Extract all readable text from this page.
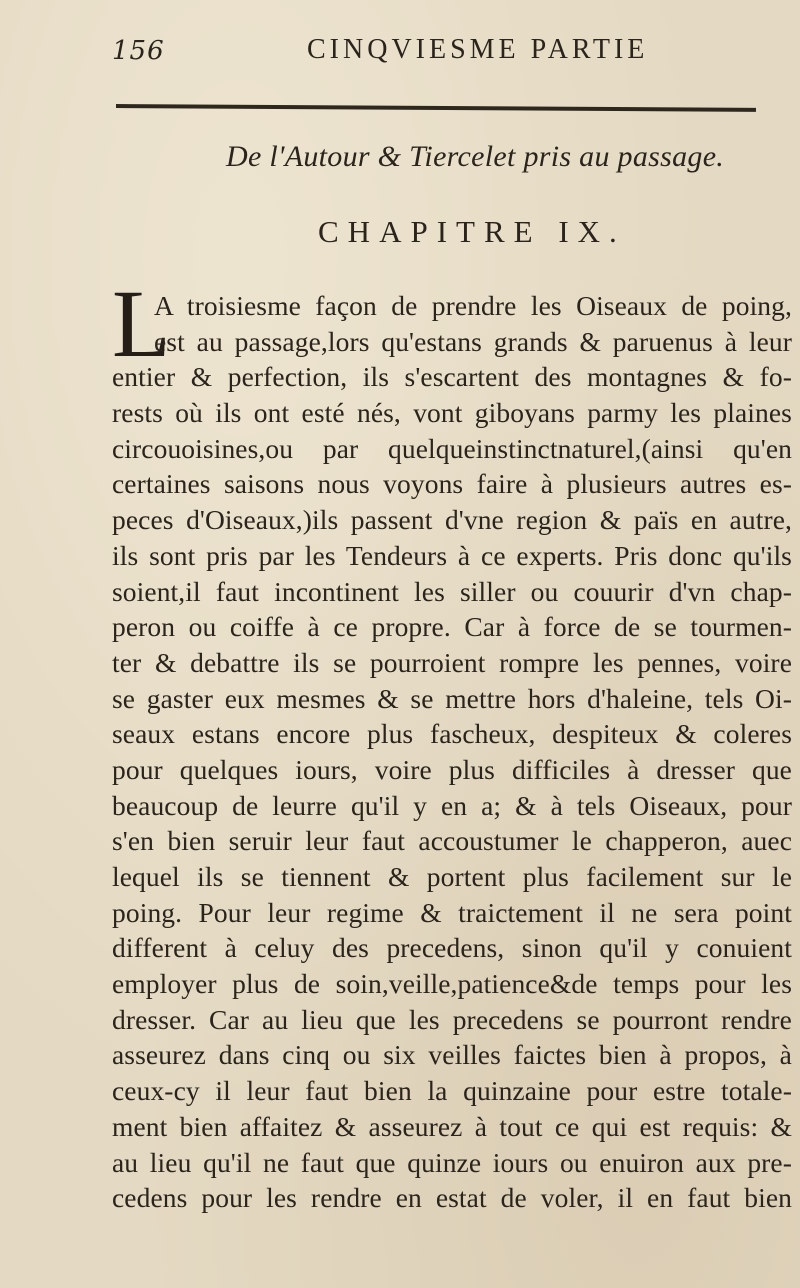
156	CINQVIESME PARTIE
De l'Autour & Tiercelet pris au passage.
CHAPITRE IX.
L
A troisiesme façon de prendre les Oiseaux de poing,
est au passage,lors qu'estans grands & paruenus à leur
entier & perfection, ils s'escartent des montagnes & fo-
rests où ils ont esté nés, vont giboyans parmy les plaines
circouoisines,ou par quelqueinstinctnaturel,(ainsi qu'en
certaines saisons nous voyons faire à plusieurs autres es-
peces d'Oiseaux,)ils passent d'vne region & païs en autre,
ils sont pris par les Tendeurs à ce experts. Pris donc qu'ils
soient,il faut incontinent les siller ou couurir d'vn chap-
peron ou coiffe à ce propre. Car à force de se tourmen-
ter & debattre ils se pourroient rompre les pennes, voire
se gaster eux mesmes & se mettre hors d'haleine, tels Oi-
seaux estans encore plus fascheux, despiteux & coleres
pour quelques iours, voire plus difficiles à dresser que
beaucoup de leurre qu'il y en a; & à tels Oiseaux, pour
s'en bien seruir leur faut accoustumer le chapperon, auec
lequel ils se tiennent & portent plus facilement sur le
poing. Pour leur regime & traictement il ne sera point
different à celuy des precedens, sinon qu'il y conuient
employer plus de soin,veille,patience&de temps pour les
dresser. Car au lieu que les precedens se pourront rendre
asseurez dans cinq ou six veilles faictes bien à propos, à
ceux-cy il leur faut bien la quinzaine pour estre totale-
ment bien affaitez & asseurez à tout ce qui est requis: &
au lieu qu'il ne faut que quinze iours ou enuiron aux pre-
cedens pour les rendre en estat de voler, il en faut bien
